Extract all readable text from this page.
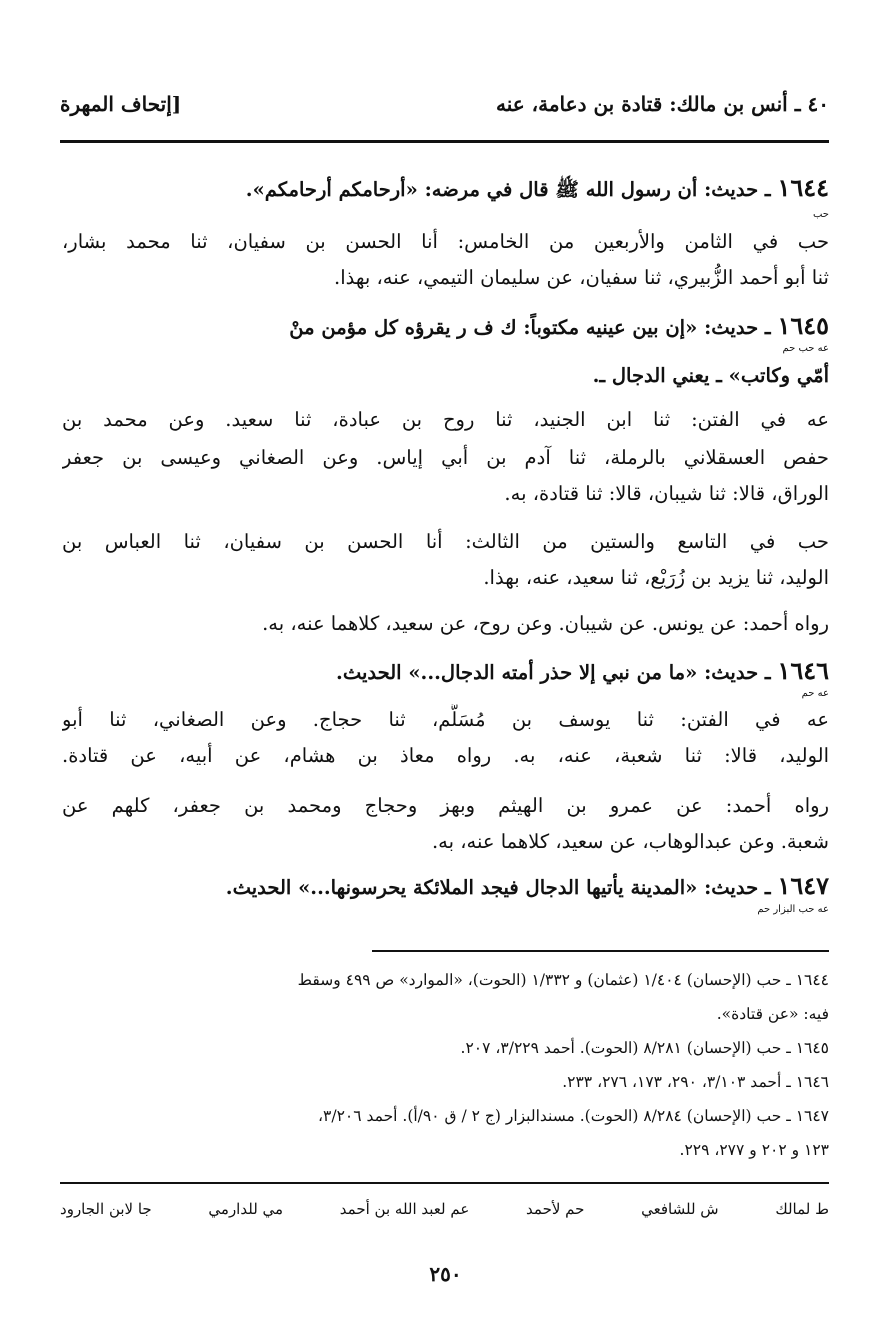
٤٠ ـ أنس بن مالك: قتادة بن دعامة، عنه
[إتحاف المهرة
١٦٤٤ ـ حديث: أن رسول الله ﷺ قال في مرضه: «أرحامكم أرحامكم».
حب
حب في الثامن والأربعين من الخامس: أنا الحسن بن سفيان، ثنا محمد بشار،
ثنا أبو أحمد الزُّبيري، ثنا سفيان، عن سليمان التيمي، عنه، بهذا.
١٦٤٥ ـ حديث: «إن بين عينيه مكتوباً: ك ف ر يقرؤه كل مؤمن منْ
عه حب حم
أمّي وكاتب» ـ يعني الدجال ـ.
عه في الفتن: ثنا ابن الجنيد، ثنا روح بن عبادة، ثنا سعيد. وعن محمد بن
حفص العسقلاني بالرملة، ثنا آدم بن أبي إياس. وعن الصغاني وعيسى بن جعفر
الوراق، قالا: ثنا شيبان، قالا: ثنا قتادة، به.
حب في التاسع والستين من الثالث: أنا الحسن بن سفيان، ثنا العباس بن
الوليد، ثنا يزيد بن زُرَيْع، ثنا سعيد، عنه، بهذا.
رواه أحمد: عن يونس. عن شيبان. وعن روح، عن سعيد، كلاهما عنه، به.
١٦٤٦ ـ حديث: «ما من نبي إلا حذر أمته الدجال...» الحديث.
عه حم
عه في الفتن: ثنا يوسف بن مُسَلَّم، ثنا حجاج. وعن الصغاني، ثنا أبو
الوليد، قالا: ثنا شعبة، عنه، به. رواه معاذ بن هشام، عن أبيه، عن قتادة.
رواه أحمد: عن عمرو بن الهيثم وبهز وحجاج ومحمد بن جعفر، كلهم عن
شعبة. وعن عبدالوهاب، عن سعيد، كلاهما عنه، به.
١٦٤٧ ـ حديث: «المدينة يأتيها الدجال فيجد الملائكة يحرسونها...» الحديث.
عه حب البزار حم
١٦٤٤ ـ حب (الإحسان) ١/٤٠٤ (عثمان) و ١/٣٣٢ (الحوت)، «الموارد» ص ٤٩٩ وسقط
فيه: «عن قتادة».
١٦٤٥ ـ حب (الإحسان) ٨/٢٨١ (الحوت). أحمد ٣/٢٢٩، ٢٠٧.
١٦٤٦ ـ أحمد ٣/١٠٣، ٢٩٠، ١٧٣، ٢٧٦، ٢٣٣.
١٦٤٧ ـ حب (الإحسان) ٨/٢٨٤ (الحوت). مسندالبزار (ج ٢ / ق ٩٠/أ). أحمد ٣/٢٠٦،
١٢٣ و ٢٠٢ و ٢٧٧، ٢٢٩.
ط لمالك
ش للشافعي
حم لأحمد
عم لعبد الله بن أحمد
مي للدارمي
جا لابن الجارود
٢٥٠
